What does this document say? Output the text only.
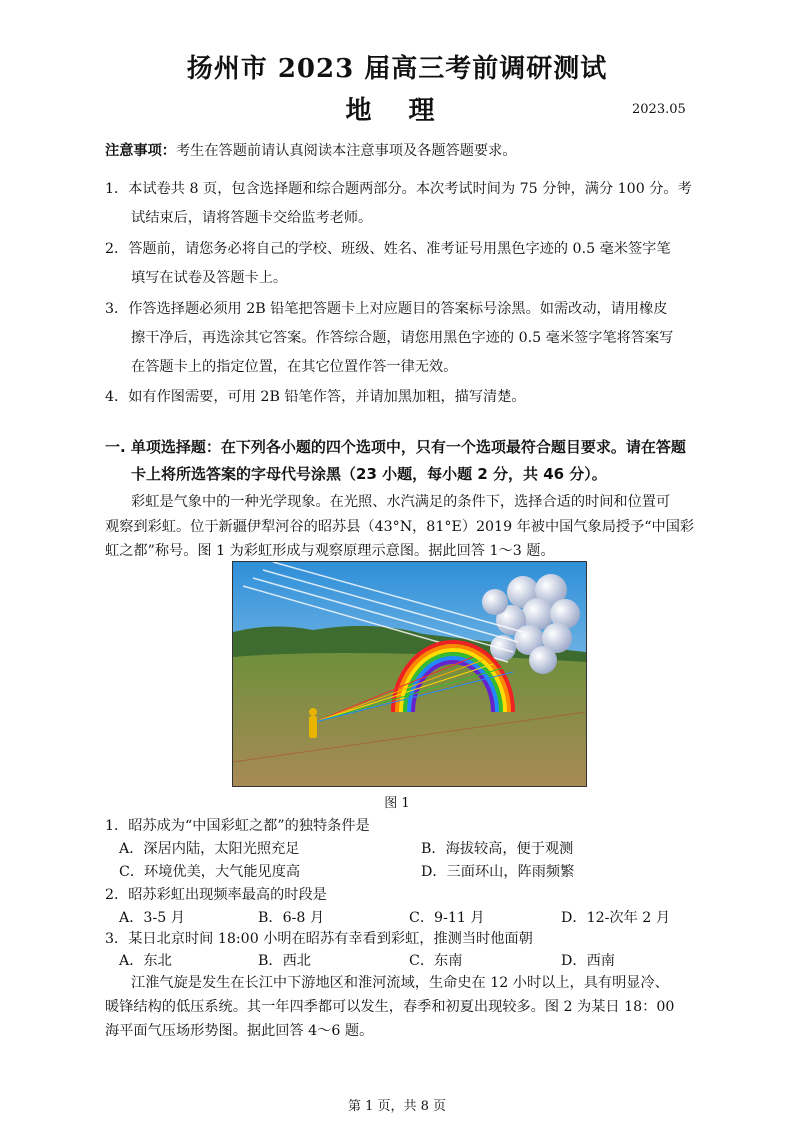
扬州市 2023 届高三考前调研测试
地 理	2023.05
注意事项：考生在答题前请认真阅读本注意事项及各题答题要求。
1．本试卷共 8 页，包含选择题和综合题两部分。本次考试时间为 75 分钟，满分 100 分。考
试结束后，请将答题卡交给监考老师。
2．答题前，请您务必将自己的学校、班级、姓名、准考证号用黑色字迹的 0.5 毫米签字笔
填写在试卷及答题卡上。
3．作答选择题必须用 2B 铅笔把答题卡上对应题目的答案标号涂黑。如需改动，请用橡皮
擦干净后，再选涂其它答案。作答综合题，请您用黑色字迹的 0.5 毫米签字笔将答案写
在答题卡上的指定位置，在其它位置作答一律无效。
4．如有作图需要，可用 2B 铅笔作答，并请加黑加粗，描写清楚。
一. 单项选择题：在下列各小题的四个选项中，只有一个选项最符合题目要求。请在答题
卡上将所选答案的字母代号涂黑（23 小题，每小题 2 分，共 46 分）。
彩虹是气象中的一种光学现象。在光照、水汽满足的条件下，选择合适的时间和位置可
观察到彩虹。位于新疆伊犁河谷的昭苏县（43°N，81°E）2019 年被中国气象局授予“中国彩
虹之都”称号。图 1 为彩虹形成与观察原理示意图。据此回答 1～3 题。
图 1
1．昭苏成为“中国彩虹之都”的独特条件是
A．深居内陆，太阳光照充足	B．海拔较高，便于观测
C．环境优美，大气能见度高	D．三面环山，阵雨频繁
2．昭苏彩虹出现频率最高的时段是
A．3-5 月	B．6-8 月	C．9-11 月	D．12-次年 2 月
3．某日北京时间 18:00 小明在昭苏有幸看到彩虹，推测当时他面朝
A．东北	B．西北	C．东南	D．西南
江淮气旋是发生在长江中下游地区和淮河流域，生命史在 12 小时以上，具有明显冷、
暖锋结构的低压系统。其一年四季都可以发生，春季和初夏出现较多。图 2 为某日 18：00
海平面气压场形势图。据此回答 4～6 题。
第 1 页，共 8 页
